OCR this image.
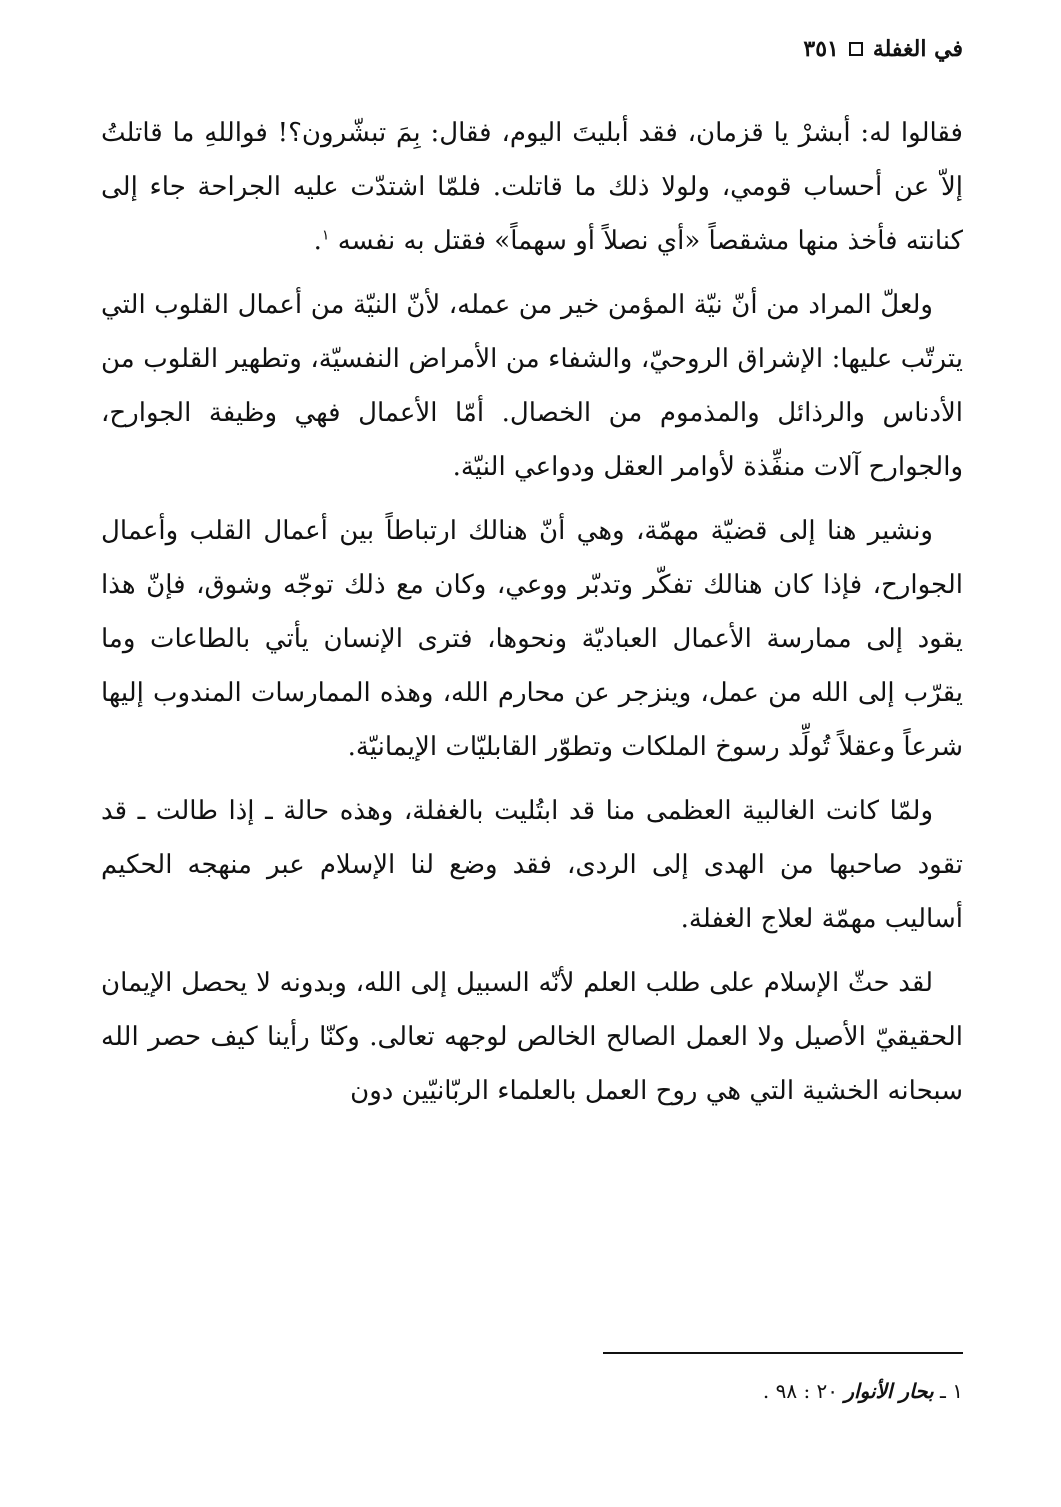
في الغفلة
٣٥١

فقالوا له: أبشرْ يا قزمان، فقد أبليتَ اليوم، فقال: بِمَ تبشّرون؟! فواللهِ ما قاتلتُ إلاّ عن أحساب قومي، ولولا ذلك ما قاتلت. فلمّا اشتدّت عليه الجراحة جاء إلى كنانته فأخذ منها مشقصاً «أي نصلاً أو سهماً» فقتل به نفسه $^١$.

ولعلّ المراد من أنّ نيّة المؤمن خير من عمله، لأنّ النيّة من أعمال القلوب التي يترتّب عليها: الإشراق الروحيّ، والشفاء من الأمراض النفسيّة، وتطهير القلوب من الأدناس والرذائل والمذموم من الخصال. أمّا الأعمال فهي وظيفة الجوارح، والجوارح آلات منفِّذة لأوامر العقل ودواعي النيّة.

ونشير هنا إلى قضيّة مهمّة، وهي أنّ هنالك ارتباطاً بين أعمال القلب وأعمال الجوارح، فإذا كان هنالك تفكّر وتدبّر ووعي، وكان مع ذلك توجّه وشوق، فإنّ هذا يقود إلى ممارسة الأعمال العباديّة ونحوها، فترى الإنسان يأتي بالطاعات وما يقرّب إلى الله من عمل، وينزجر عن محارم الله، وهذه الممارسات المندوب إليها شرعاً وعقلاً تُولِّد رسوخ الملكات وتطوّر القابليّات الإيمانيّة.

ولمّا كانت الغالبية العظمى منا قد ابتُليت بالغفلة، وهذه حالة ـ إذا طالت ـ قد تقود صاحبها من الهدى إلى الردى، فقد وضع لنا الإسلام عبر منهجه الحكيم أساليب مهمّة لعلاج الغفلة.

لقد حثّ الإسلام على طلب العلم لأنّه السبيل إلى الله، وبدونه لا يحصل الإيمان الحقيقيّ الأصيل ولا العمل الصالح الخالص لوجهه تعالى. وكنّا رأينا كيف حصر الله سبحانه الخشية التي هي روح العمل بالعلماء الربّانيّين دون

١ ـ بحار الأنوار ٢٠ : ٩٨ .
